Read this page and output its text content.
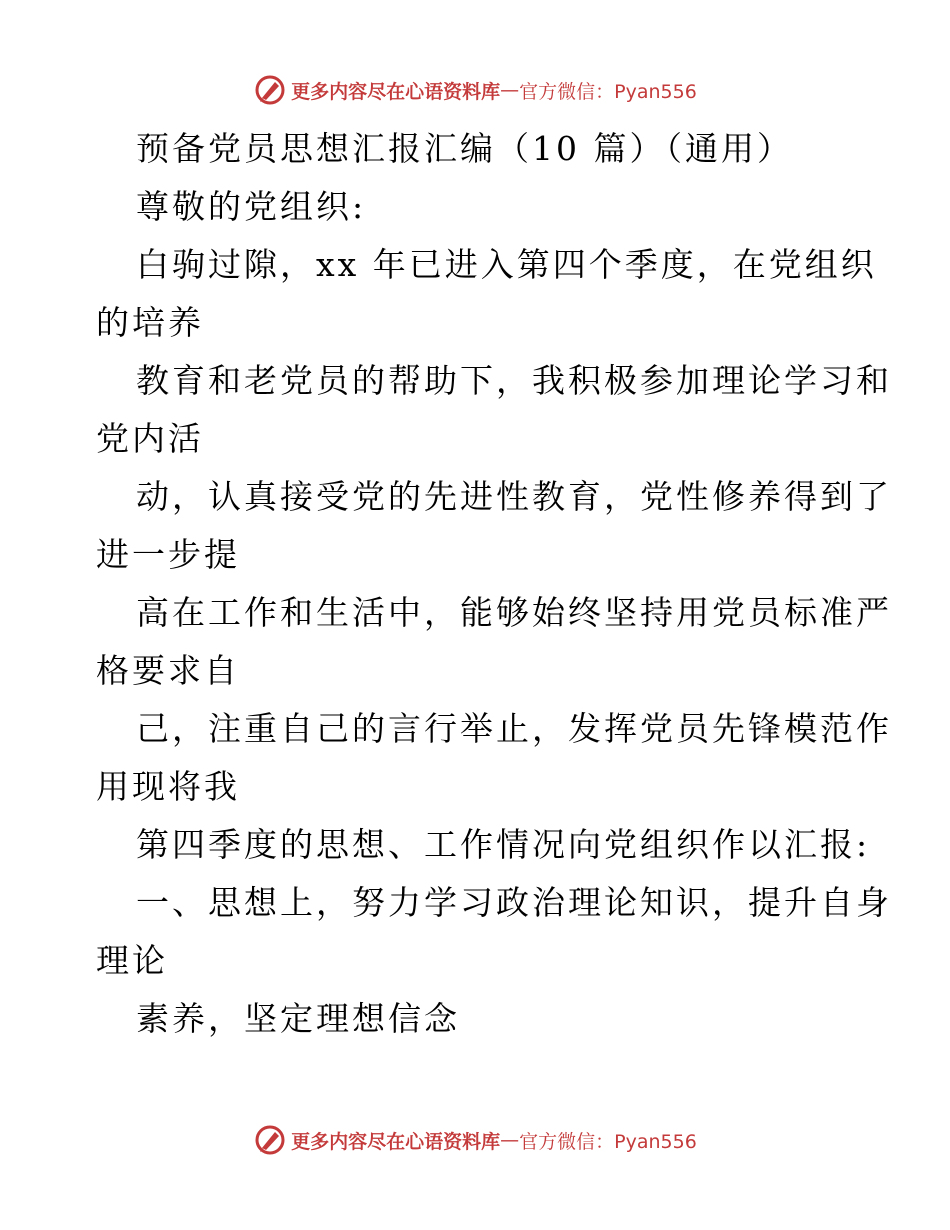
更多内容尽在心语资料库 — 官方微信：Pyan556
预备党员思想汇报汇编（10 篇）（通用）
尊敬的党组织:
白驹过隙，xx 年已进入第四个季度，在党组织
的培养
教育和老党员的帮助下，我积极参加理论学习和
党内活
动，认真接受党的先进性教育，党性修养得到了
进一步提
高在工作和生活中，能够始终坚持用党员标准严
格要求自
己，注重自己的言行举止，发挥党员先锋模范作
用现将我
第四季度的思想、工作情况向党组织作以汇报:
一、思想上，努力学习政治理论知识，提升自身
理论
素养，坚定理想信念
更多内容尽在心语资料库 — 官方微信：Pyan556
